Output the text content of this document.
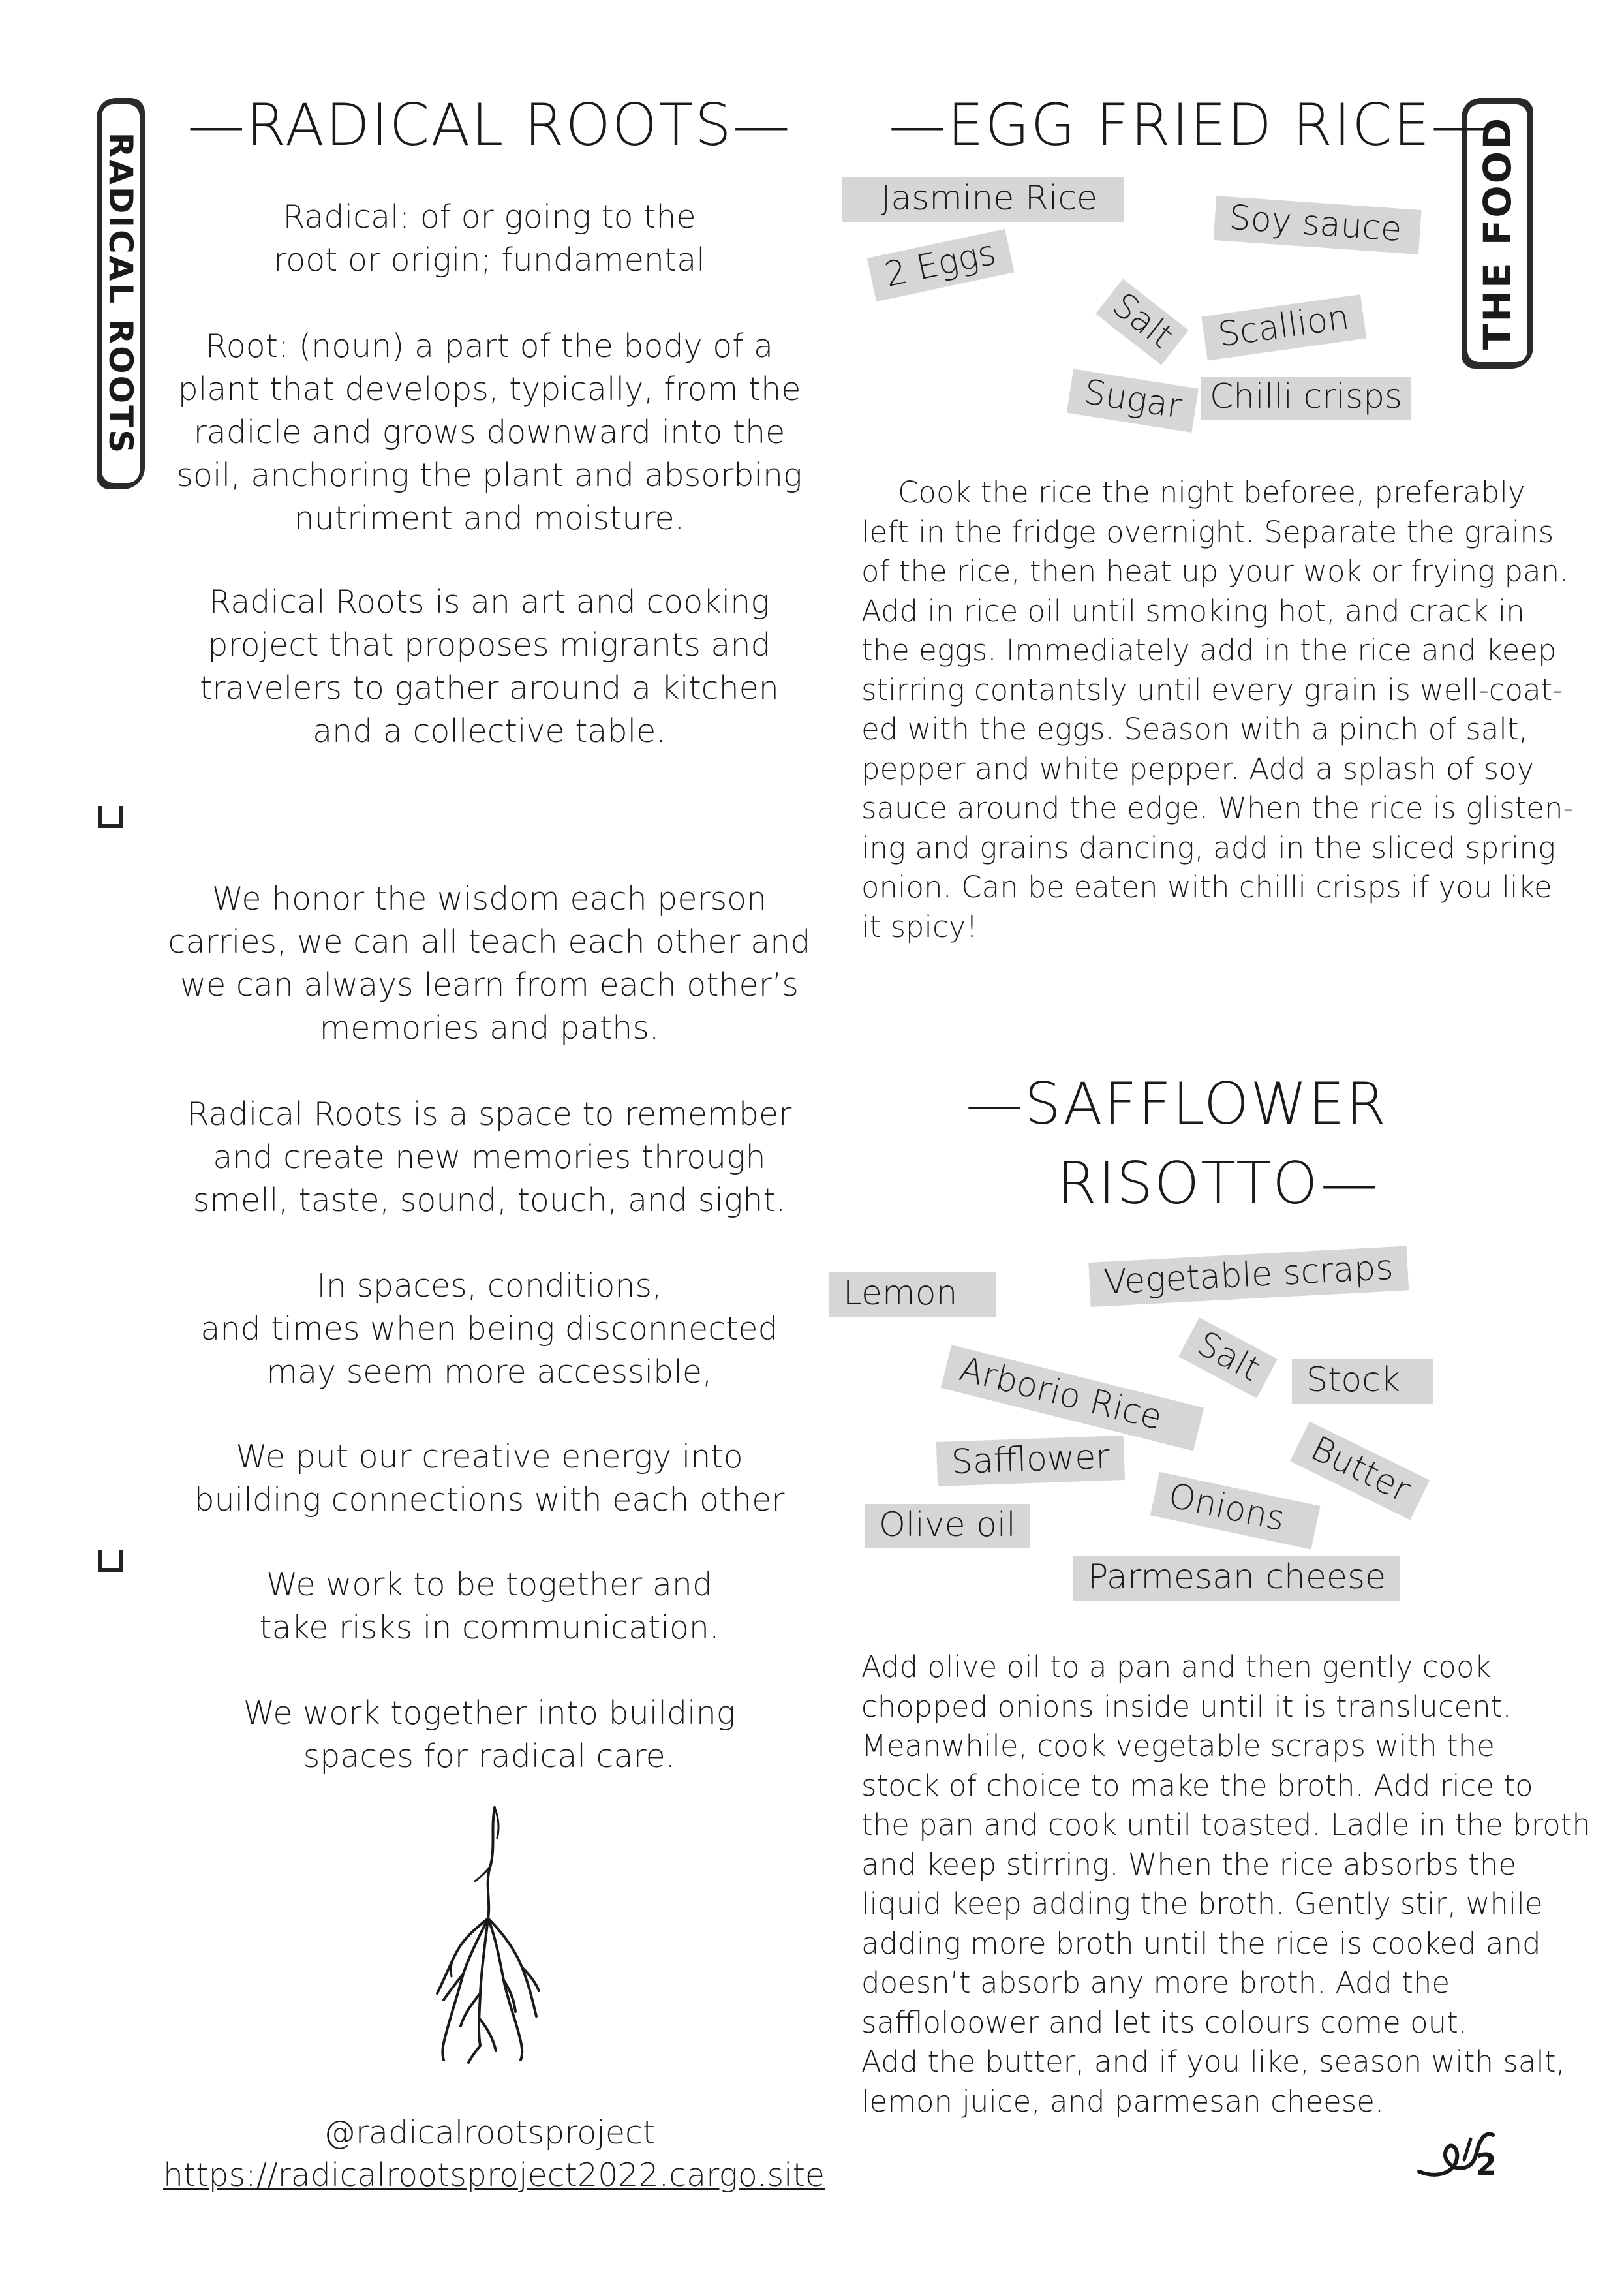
RADICAL ROOTS
—RADICAL ROOTS—
Radical: of or going to the
root or origin; fundamental
Root: (noun) a part of the body of a
plant that develops, typically, from the
radicle and grows downward into the
soil, anchoring the plant and absorbing
nutriment and moisture.
Radical Roots is an art and cooking
project that proposes migrants and
travelers to gather around a kitchen
and a collective table.
We honor the wisdom each person
carries, we can all teach each other and
we can always learn from each other’s
memories and paths.
Radical Roots is a space to remember
and create new memories through
smell, taste, sound, touch, and sight.
In spaces, conditions,
and times when being disconnected
may seem more accessible,
We put our creative energy into
building connections with each other
We work to be together and
take risks in communication.
We work together into building
spaces for radical care.
@radicalrootsproject
https://radicalrootsproject2022.cargo.site
THE FOOD
—EGG FRIED RICE—
Jasmine Rice	Soy sauce
2 Eggs
Salt	Scallion
Sugar Chilli crisps
Cook the rice the night beforee, preferably
left in the fridge overnight. Separate the grains
of the rice, then heat up your wok or frying pan.
Add in rice oil until smoking hot, and crack in
the eggs. Immediately add in the rice and keep
stirring contantsly until every grain is well-coat-
ed with the eggs. Season with a pinch of salt,
pepper and white pepper. Add a splash of soy
sauce around the edge. When the rice is glisten-
ing and grains dancing, add in the sliced spring
onion. Can be eaten with chilli crisps if you like
it spicy!
—SAFFLOWER
RISOTTO—
Lemon	Vegetable scraps
Salt
Arborio Rice	Stock
Butter
Safflower
Onions
Olive oil
Parmesan cheese
Add olive oil to a pan and then gently cook
chopped onions inside until it is translucent.
Meanwhile, cook vegetable scraps with the
stock of choice to make the broth. Add rice to
the pan and cook until toasted. Ladle in the broth
and keep stirring. When the rice absorbs the
liquid keep adding the broth. Gently stir, while
adding more broth until the rice is cooked and
doesn’t absorb any more broth. Add the
saffloloower and let its colours come out.
Add the butter, and if you like, season with salt,
lemon juice, and parmesan cheese.
2
